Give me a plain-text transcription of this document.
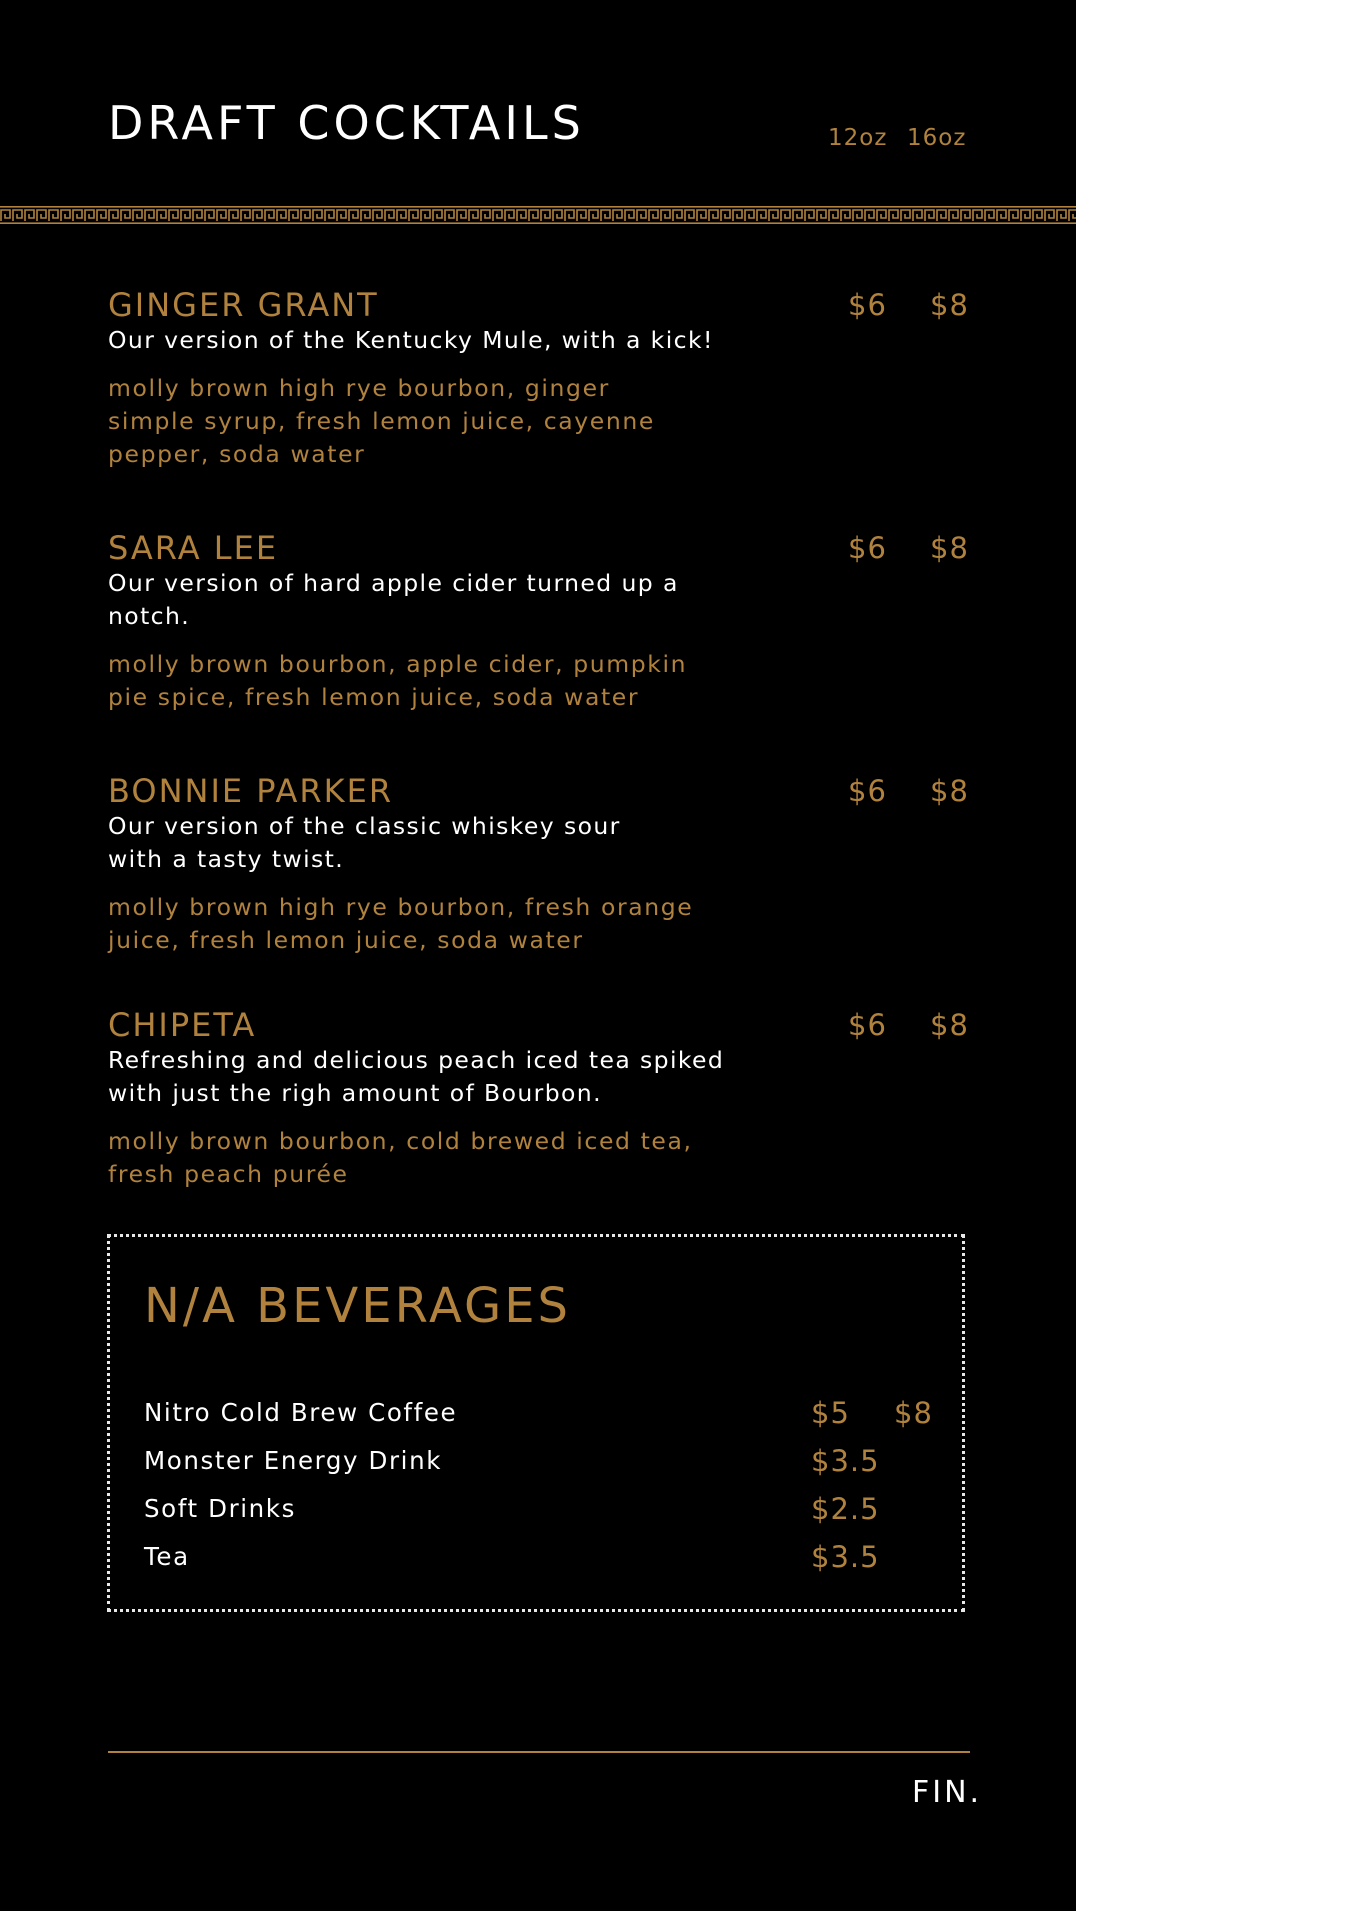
DRAFT COCKTAILS	12oz 16oz
GINGER GRANT
Our version of the Kentucky Mule, with a kick!
molly brown high rye bourbon, ginger simple syrup, fresh lemon juice, cayenne pepper, soda water
$6 $8
SARA LEE
Our version of hard apple cider turned up a notch.
molly brown bourbon, apple cider, pumpkin pie spice, fresh lemon juice, soda water
$6 $8
BONNIE PARKER
Our version of the classic whiskey sour with a tasty twist.
molly brown high rye bourbon, fresh orange juice, fresh lemon juice, soda water
$6 $8
CHIPETA
Refreshing and delicious peach iced tea spiked with just the righ amount of Bourbon.
molly brown bourbon, cold brewed iced tea, fresh peach purée
$6 $8
N/A BEVERAGES
Nitro Cold Brew Coffee	$5 $8
Monster Energy Drink	$3.5
Soft Drinks	$2.5
Tea	$3.5
FIN.
